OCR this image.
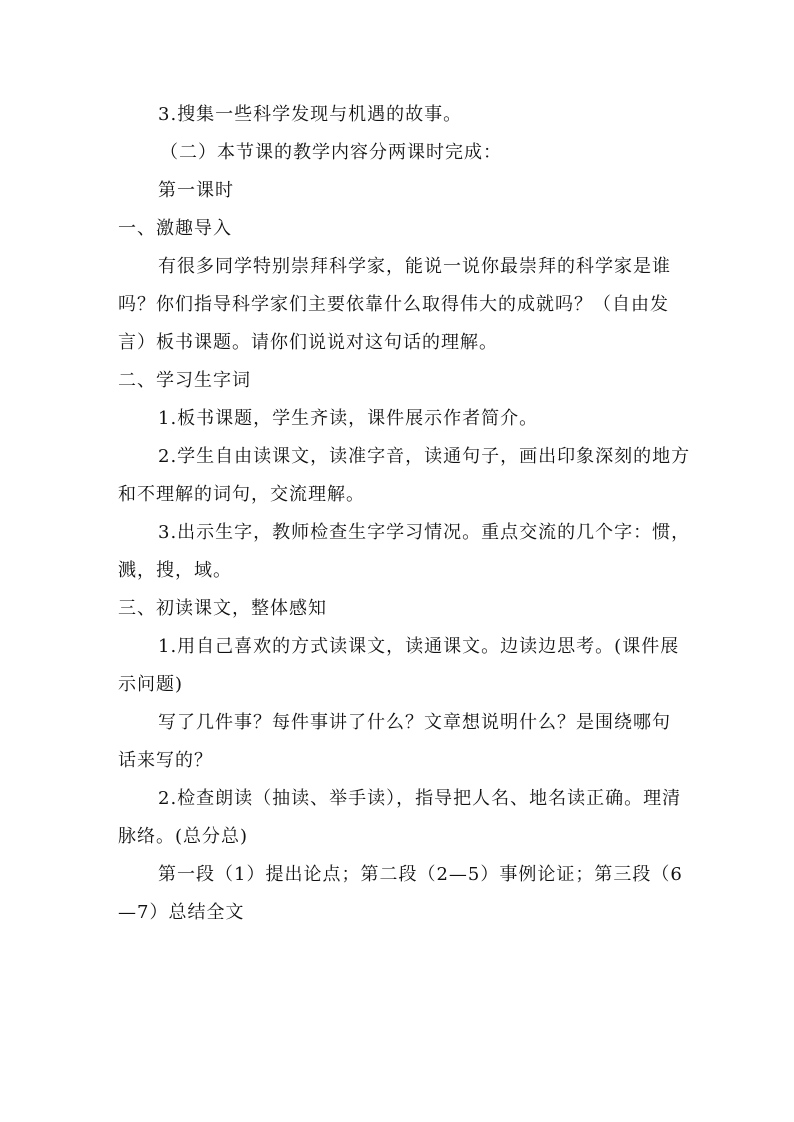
3.搜集一些科学发现与机遇的故事。
（二）本节课的教学内容分两课时完成：
第一课时
一、激趣导入
有很多同学特别崇拜科学家，能说一说你最崇拜的科学家是谁
吗？你们指导科学家们主要依靠什么取得伟大的成就吗？（自由发
言）板书课题。请你们说说对这句话的理解。
二、学习生字词
1.板书课题，学生齐读，课件展示作者简介。
2.学生自由读课文，读准字音，读通句子，画出印象深刻的地方
和不理解的词句，交流理解。
3.出示生字，教师检查生字学习情况。重点交流的几个字：惯，
溅，搜，域。
三、初读课文，整体感知
1.用自己喜欢的方式读课文，读通课文。边读边思考。(课件展
示问题)
写了几件事？每件事讲了什么？文章想说明什么？是围绕哪句
话来写的？
2.检查朗读（抽读、举手读），指导把人名、地名读正确。理清
脉络。(总分总)
第一段（1）提出论点；第二段（2—5）事例论证；第三段（6
—7）总结全文
